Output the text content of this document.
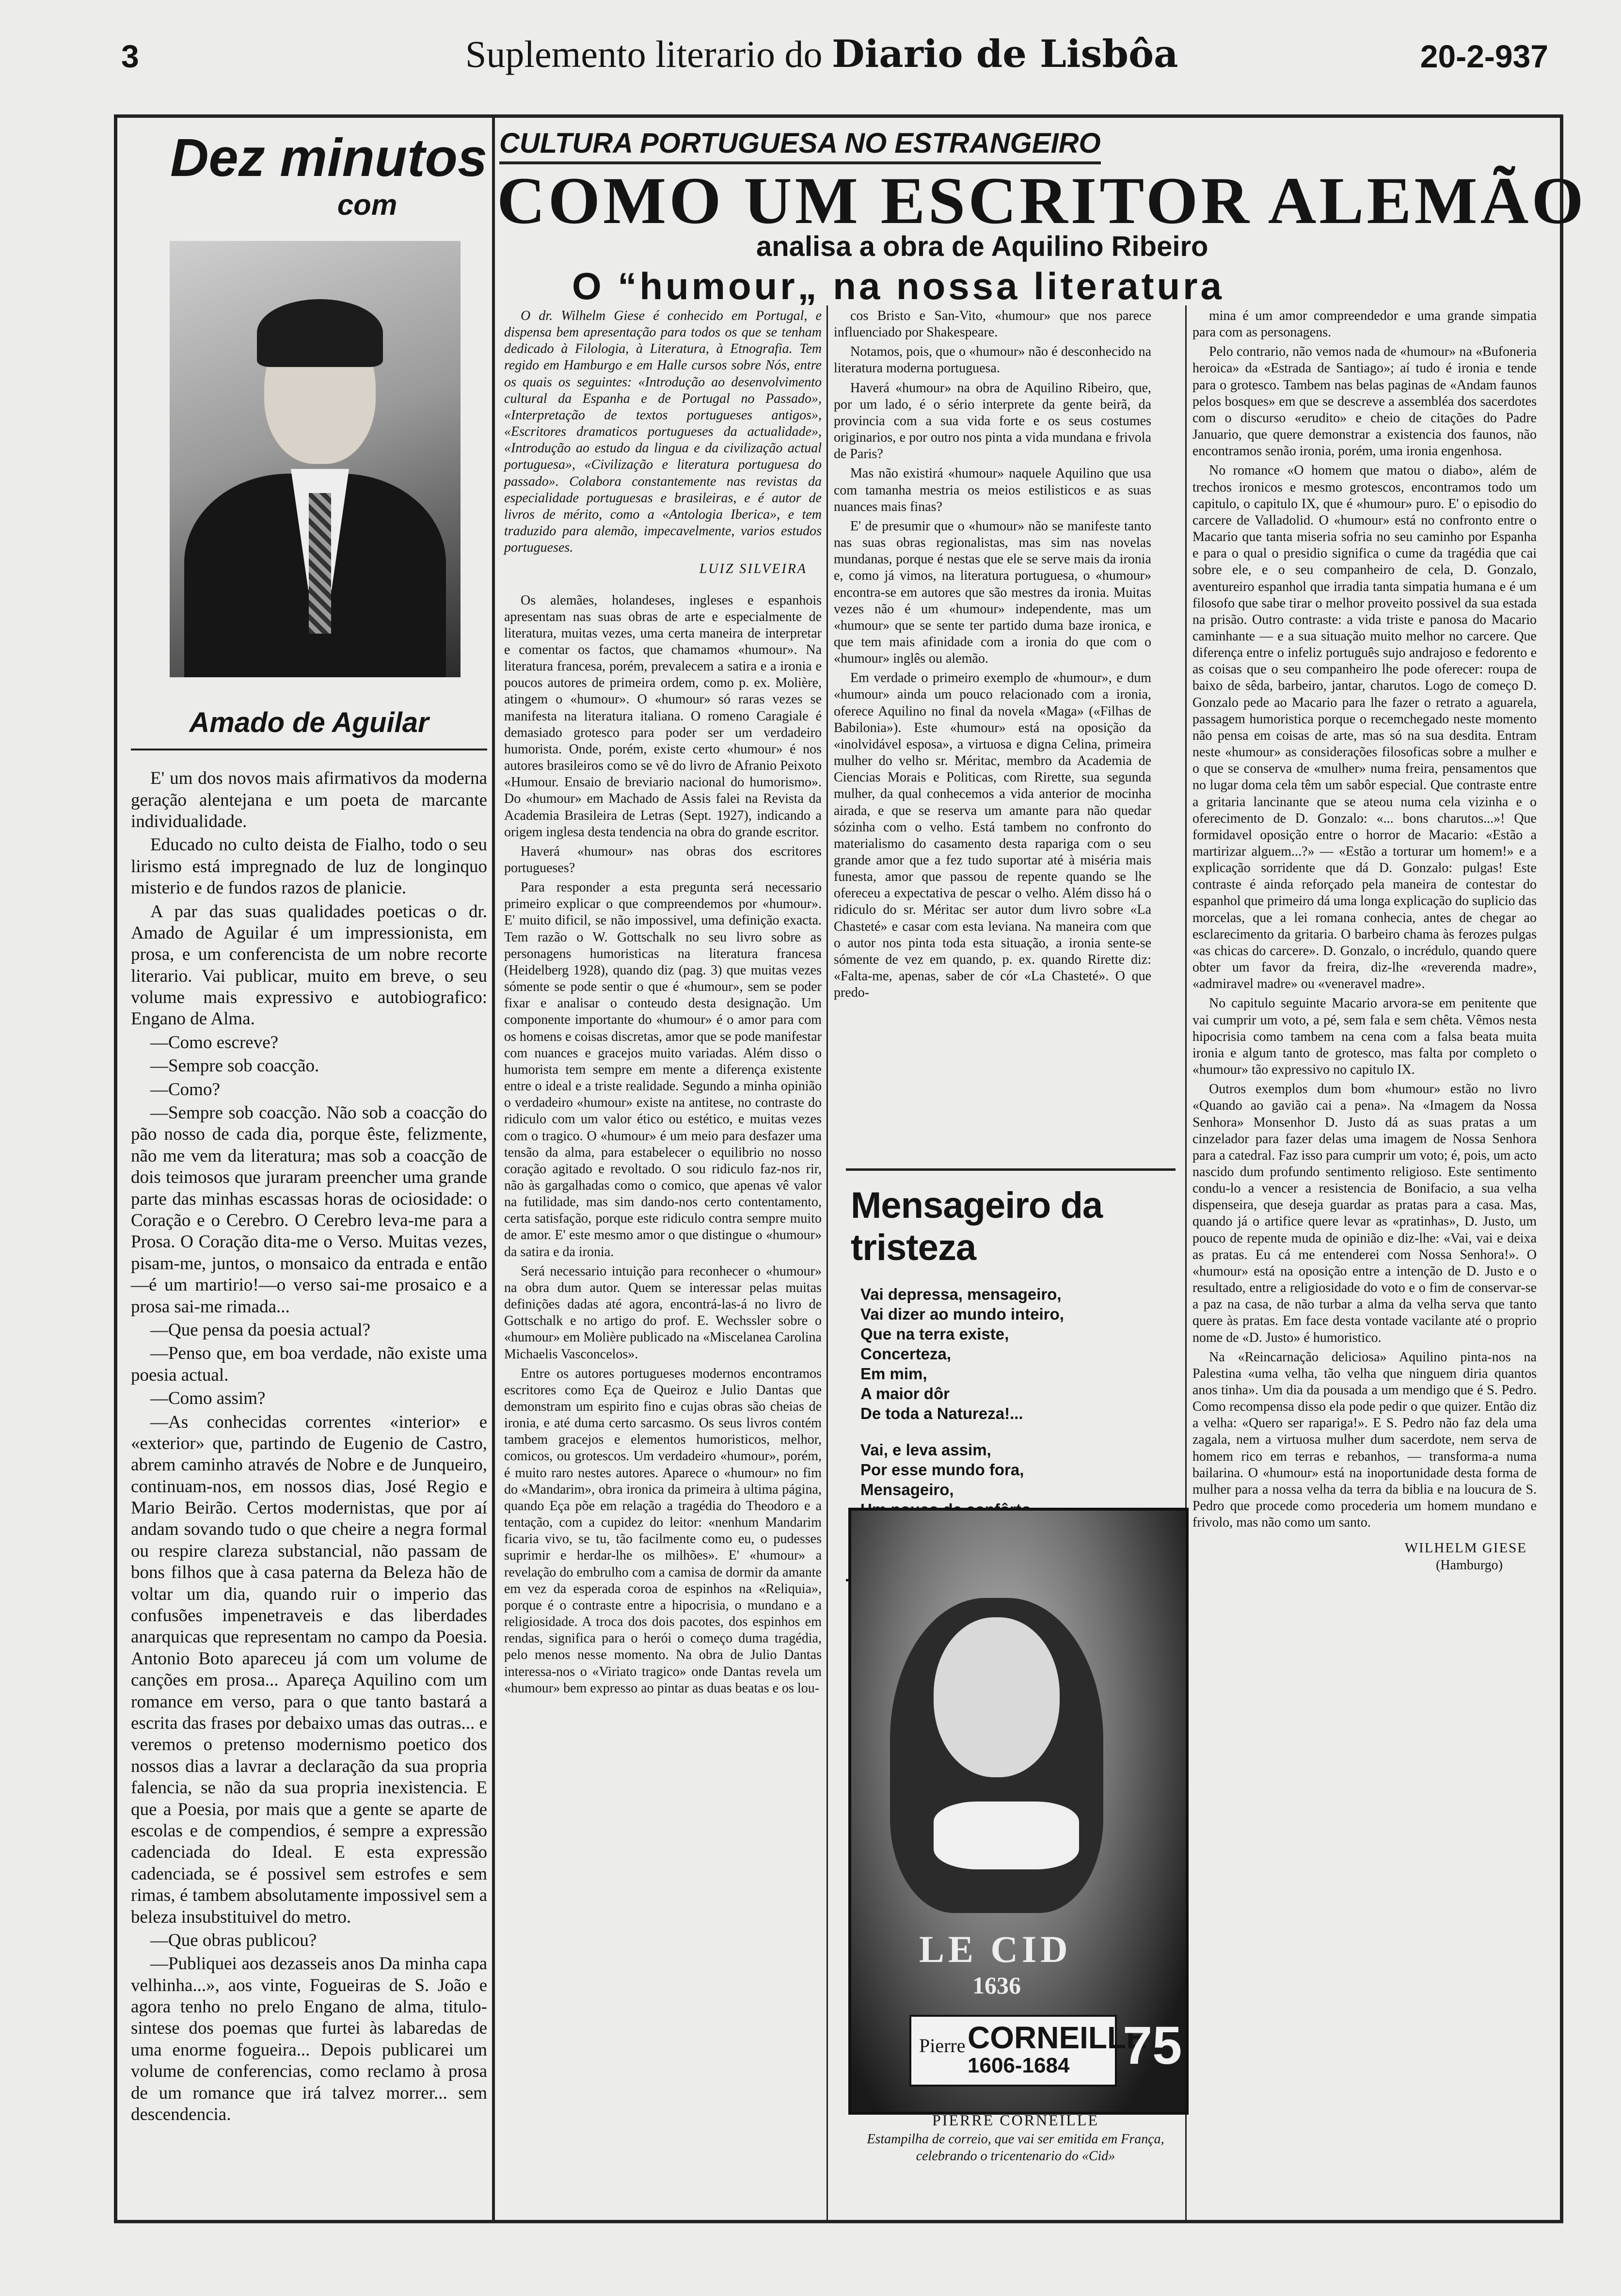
3	Suplemento literario do Diario de Lisbôa	20-2-937
Dez minutos
com
Amado de Aguilar

E' um dos novos mais afirmativos da moderna geração alentejana e um poeta de marcante individualidade.

Educado no culto deista de Fialho, todo o seu lirismo está impregnado de luz de longinquo misterio e de fundos razos de planicie.

A par das suas qualidades poeticas o dr. Amado de Aguilar é um impressionista, em prosa, e um conferencista de um nobre recorte literario. Vai publicar, muito em breve, o seu volume mais expressivo e autobiografico: Engano de Alma.

—Como escreve?

—Sempre sob coacção.

—Como?

—Sempre sob coacção. Não sob a coacção do pão nosso de cada dia, porque êste, felizmente, não me vem da literatura; mas sob a coacção de dois teimosos que juraram preencher uma grande parte das minhas escassas horas de ociosidade: o Coração e o Cerebro. O Cerebro leva-me para a Prosa. O Coração dita-me o Verso. Muitas vezes, pisam-me, juntos, o monsaico da entrada e então—é um martirio!—o verso sai-me prosaico e a prosa sai-me rimada...

—Que pensa da poesia actual?

—Penso que, em boa verdade, não existe uma poesia actual.

—Como assim?

—As conhecidas correntes «interior» e «exterior» que, partindo de Eugenio de Castro, abrem caminho através de Nobre e de Junqueiro, continuam-nos, em nossos dias, José Regio e Mario Beirão. Certos modernistas, que por aí andam sovando tudo o que cheire a negra formal ou respire clareza substancial, não passam de bons filhos que à casa paterna da Beleza hão de voltar um dia, quando ruir o imperio das confusões impenetraveis e das liberdades anarquicas que representam no campo da Poesia. Antonio Boto apareceu já com um volume de canções em prosa... Apareça Aquilino com um romance em verso, para o que tanto bastará a escrita das frases por debaixo umas das outras... e veremos o pretenso modernismo poetico dos nossos dias a lavrar a declaração da sua propria falencia, se não da sua propria inexistencia. E que a Poesia, por mais que a gente se aparte de escolas e de compendios, é sempre a expressão cadenciada do Ideal. E esta expressão cadenciada, se é possivel sem estrofes e sem rimas, é tambem absolutamente impossivel sem a beleza insubstituivel do metro.

—Que obras publicou?

—Publiquei aos dezasseis anos Da minha capa velhinha...», aos vinte, Fogueiras de S. João e agora tenho no prelo Engano de alma, titulo-sintese dos poemas que furtei às labaredas de uma enorme fogueira... Depois publicarei um volume de conferencias, como reclamo à prosa de um romance que irá talvez morrer... sem descendencia.

CULTURA PORTUGUESA NO ESTRANGEIRO
COMO UM ESCRITOR ALEMÃO
analisa a obra de Aquilino Ribeiro
O “humour„ na nossa literatura

O dr. Wilhelm Giese é conhecido em Portugal, e dispensa bem apresentação para todos os que se tenham dedicado à Filologia, à Literatura, à Etnografia. Tem regido em Hamburgo e em Halle cursos sobre Nós, entre os quais os seguintes: «Introdução ao desenvolvimento cultural da Espanha e de Portugal no Passado», «Interpretação de textos portugueses antigos», «Escritores dramaticos portugueses da actualidade», «Introdução ao estudo da lingua e da civilização actual portuguesa», «Civilização e literatura portuguesa do passado». Colabora constantemente nas revistas da especialidade portuguesas e brasileiras, e é autor de livros de mérito, como a «Antologia Iberica», e tem traduzido para alemão, impecavelmente, varios estudos portugueses.

LUIZ SILVEIRA

Os alemães, holandeses, ingleses e espanhois apresentam nas suas obras de arte e especialmente de literatura, muitas vezes, uma certa maneira de interpretar e comentar os factos, que chamamos «humour». Na literatura francesa, porém, prevalecem a satira e a ironia e poucos autores de primeira ordem, como p. ex. Molière, atingem o «humour». O «humour» só raras vezes se manifesta na literatura italiana. O romeno Caragiale é demasiado grotesco para poder ser um verdadeiro humorista. Onde, porém, existe certo «humour» é nos autores brasileiros como se vê do livro de Afranio Peixoto «Humour. Ensaio de breviario nacional do humorismo». Do «humour» em Machado de Assis falei na Revista da Academia Brasileira de Letras (Sept. 1927), indicando a origem inglesa desta tendencia na obra do grande escritor.

Haverá «humour» nas obras dos escritores portugueses?

Para responder a esta pregunta será necessario primeiro explicar o que compreendemos por «humour». E' muito dificil, se não impossivel, uma definição exacta. Tem razão o W. Gottschalk no seu livro sobre as personagens humoristicas na literatura francesa (Heidelberg 1928), quando diz (pag. 3) que muitas vezes sómente se pode sentir o que é «humour», sem se poder fixar e analisar o conteudo desta designação. Um componente importante do «humour» é o amor para com os homens e coisas discretas, amor que se pode manifestar com nuances e gracejos muito variadas. Além disso o humorista tem sempre em mente a diferença existente entre o ideal e a triste realidade. Segundo a minha opinião o verdadeiro «humour» existe na antitese, no contraste do ridiculo com um valor ético ou estético, e muitas vezes com o tragico. O «humour» é um meio para desfazer uma tensão da alma, para estabelecer o equilibrio no nosso coração agitado e revoltado. O sou ridiculo faz-nos rir, não às gargalhadas como o comico, que apenas vê valor na futilidade, mas sim dando-nos certo contentamento, certa satisfação, porque este ridiculo contra sempre muito de amor. E' este mesmo amor o que distingue o «humour» da satira e da ironia.

Será necessario intuição para reconhecer o «humour» na obra dum autor. Quem se interessar pelas muitas definições dadas até agora, encontrá-las-á no livro de Gottschalk e no artigo do prof. E. Wechssler sobre o «humour» em Molière publicado na «Miscelanea Carolina Michaelis Vasconcelos».

Entre os autores portugueses modernos encontramos escritores como Eça de Queiroz e Julio Dantas que demonstram um espirito fino e cujas obras são cheias de ironia, e até duma certo sarcasmo. Os seus livros contém tambem gracejos e elementos humoristicos, melhor, comicos, ou grotescos. Um verdadeiro «humour», porém, é muito raro nestes autores. Aparece o «humour» no fim do «Mandarim», obra ironica da primeira à ultima página, quando Eça põe em relação a tragédia do Theodoro e a tentação, com a cupidez do leitor: «nenhum Mandarim ficaria vivo, se tu, tão facilmente como eu, o pudesses suprimir e herdar-lhe os milhões». E' «humour» a revelação do embrulho com a camisa de dormir da amante em vez da esperada coroa de espinhos na «Reliquia», porque é o contraste entre a hipocrisia, o mundano e a religiosidade. A troca dos dois pacotes, dos espinhos em rendas, significa para o herói o começo duma tragédia, pelo menos nesse momento. Na obra de Julio Dantas interessa-nos o «Viriato tragico» onde Dantas revela um «humour» bem expresso ao pintar as duas beatas e os lou-

cos Bristo e San-Vito, «humour» que nos parece influenciado por Shakespeare.

Notamos, pois, que o «humour» não é desconhecido na literatura moderna portuguesa.

Haverá «humour» na obra de Aquilino Ribeiro, que, por um lado, é o sério interprete da gente beirã, da provincia com a sua vida forte e os seus costumes originarios, e por outro nos pinta a vida mundana e frivola de Paris?

Mas não existirá «humour» naquele Aquilino que usa com tamanha mestria os meios estilisticos e as suas nuances mais finas?

E' de presumir que o «humour» não se manifeste tanto nas suas obras regionalistas, mas sim nas novelas mundanas, porque é nestas que ele se serve mais da ironia e, como já vimos, na literatura portuguesa, o «humour» encontra-se em autores que são mestres da ironia. Muitas vezes não é um «humour» independente, mas um «humour» que se sente ter partido duma baze ironica, e que tem mais afinidade com a ironia do que com o «humour» inglês ou alemão.

Em verdade o primeiro exemplo de «humour», e dum «humour» ainda um pouco relacionado com a ironia, oferece Aquilino no final da novela «Maga» («Filhas de Babilonia»). Este «humour» está na oposição da «inolvidável esposa», a virtuosa e digna Celina, primeira mulher do velho sr. Méritac, membro da Academia de Ciencias Morais e Politicas, com Rirette, sua segunda mulher, da qual conhecemos a vida anterior de mocinha airada, e que se reserva um amante para não quedar sózinha com o velho. Está tambem no confronto do materialismo do casamento desta rapariga com o seu grande amor que a fez tudo suportar até à miséria mais funesta, amor que passou de repente quando se lhe ofereceu a expectativa de pescar o velho. Além disso há o ridiculo do sr. Méritac ser autor dum livro sobre «La Chasteté» e casar com esta leviana. Na maneira com que o autor nos pinta toda esta situação, a ironia sente-se sómente de vez em quando, p. ex. quando Rirette diz: «Falta-me, apenas, saber de cór «La Chasteté». O que predo-

Mensageiro da tristeza
Vai depressa, mensageiro,
Vai dizer ao mundo inteiro,
Que na terra existe,
Concerteza,
Em mim,
A maior dôr
De toda a Natureza!...
Vai, e leva assim,
Por esse mundo fora,
Mensageiro,
LE CID
1636
Pierre CORNEILLE
1606-1684 75
PIERRE CORNEILLE
Estampilha de correio, que vai ser emitida em França, celebrando o tricentenario do «Cid»

mina é um amor compreendedor e uma grande simpatia para com as personagens.

Pelo contrario, não vemos nada de «humour» na «Bufoneria heroica» da «Estrada de Santiago»; aí tudo é ironia e tende para o grotesco. Tambem nas belas paginas de «Andam faunos pelos bosques» em que se descreve a assembléa dos sacerdotes com o discurso «erudito» e cheio de citações do Padre Januario, que quere demonstrar a existencia dos faunos, não encontramos senão ironia, porém, uma ironia engenhosa.

No romance «O homem que matou o diabo», além de trechos ironicos e mesmo grotescos, encontramos todo um capitulo, o capitulo IX, que é «humour» puro. E' o episodio do carcere de Valladolid. O «humour» está no confronto entre o Macario que tanta miseria sofria no seu caminho por Espanha e para o qual o presidio significa o cume da tragédia que cai sobre ele, e o seu companheiro de cela, D. Gonzalo, aventureiro espanhol que irradia tanta simpatia humana e é um filosofo que sabe tirar o melhor proveito possivel da sua estada na prisão. Outro contraste: a vida triste e panosa do Macario caminhante — e a sua situação muito melhor no carcere. Que diferença entre o infeliz português sujo andrajoso e fedorento e as coisas que o seu companheiro lhe pode oferecer: roupa de baixo de sêda, barbeiro, jantar, charutos. Logo de começo D. Gonzalo pede ao Macario para lhe fazer o retrato a aguarela, passagem humoristica porque o recemchegado neste momento não pensa em coisas de arte, mas só na sua desdita. Entram neste «humour» as considerações filosoficas sobre a mulher e o que se conserva de «mulher» numa freira, pensamentos que no lugar doma cela têm um sabôr especial. Que contraste entre a gritaria lancinante que se ateou numa cela vizinha e o oferecimento de D. Gonzalo: «... bons charutos...»! Que formidavel oposição entre o horror de Macario: «Estão a martirizar alguem...?» — «Estão a torturar um homem!» e a explicação sorridente que dá D. Gonzalo: pulgas! Este contraste é ainda reforçado pela maneira de contestar do espanhol que primeiro dá uma longa explicação do suplicio das morcelas, que a lei romana conhecia, antes de chegar ao esclarecimento da gritaria. O barbeiro chama às ferozes pulgas «as chicas do carcere». D. Gonzalo, o incrédulo, quando quere obter um favor da freira, diz-lhe «reverenda madre», «admiravel madre» ou «veneravel madre».

No capitulo seguinte Macario arvora-se em penitente que vai cumprir um voto, a pé, sem fala e sem chêta. Vêmos nesta hipocrisia como tambem na cena com a falsa beata muita ironia e algum tanto de grotesco, mas falta por completo o «humour» tão expressivo no capitulo IX.

Outros exemplos dum bom «humour» estão no livro «Quando ao gavião cai a pena». Na «Imagem da Nossa Senhora» Monsenhor D. Justo dá as suas pratas a um cinzelador para fazer delas uma imagem de Nossa Senhora para a catedral. Faz isso para cumprir um voto; é, pois, um acto nascido dum profundo sentimento religioso. Este sentimento condu-lo a vencer a resistencia de Bonifacio, a sua velha dispenseira, que deseja guardar as pratas para a casa. Mas, quando já o artifice quere levar as «pratinhas», D. Justo, um pouco de repente muda de opinião e diz-lhe: «Vai, vai e deixa as pratas. Eu cá me entenderei com Nossa Senhora!». O «humour» está na oposição entre a intenção de D. Justo e o resultado, entre a religiosidade do voto e o fim de conservar-se a paz na casa, de não turbar a alma da velha serva que tanto quere às pratas. Em face desta vontade vacilante até o proprio nome de «D. Justo» é humoristico.

Na «Reincarnação deliciosa» Aquilino pinta-nos na Palestina «uma velha, tão velha que ninguem diria quantos anos tinha». Um dia da pousada a um mendigo que é S. Pedro. Como recompensa disso ela pode pedir o que quizer. Então diz a velha: «Quero ser rapariga!». E S. Pedro não faz dela uma zagala, nem a virtuosa mulher dum sacerdote, nem serva de homem rico em terras e rebanhos, — transforma-a numa bailarina. O «humour» está na inoportunidade desta forma de mulher para a nossa velha da terra da biblia e na loucura de S. Pedro que procede como procederia um homem mundano e frivolo, mas não como um santo.

WILHELM GIESE

(Hamburgo)
